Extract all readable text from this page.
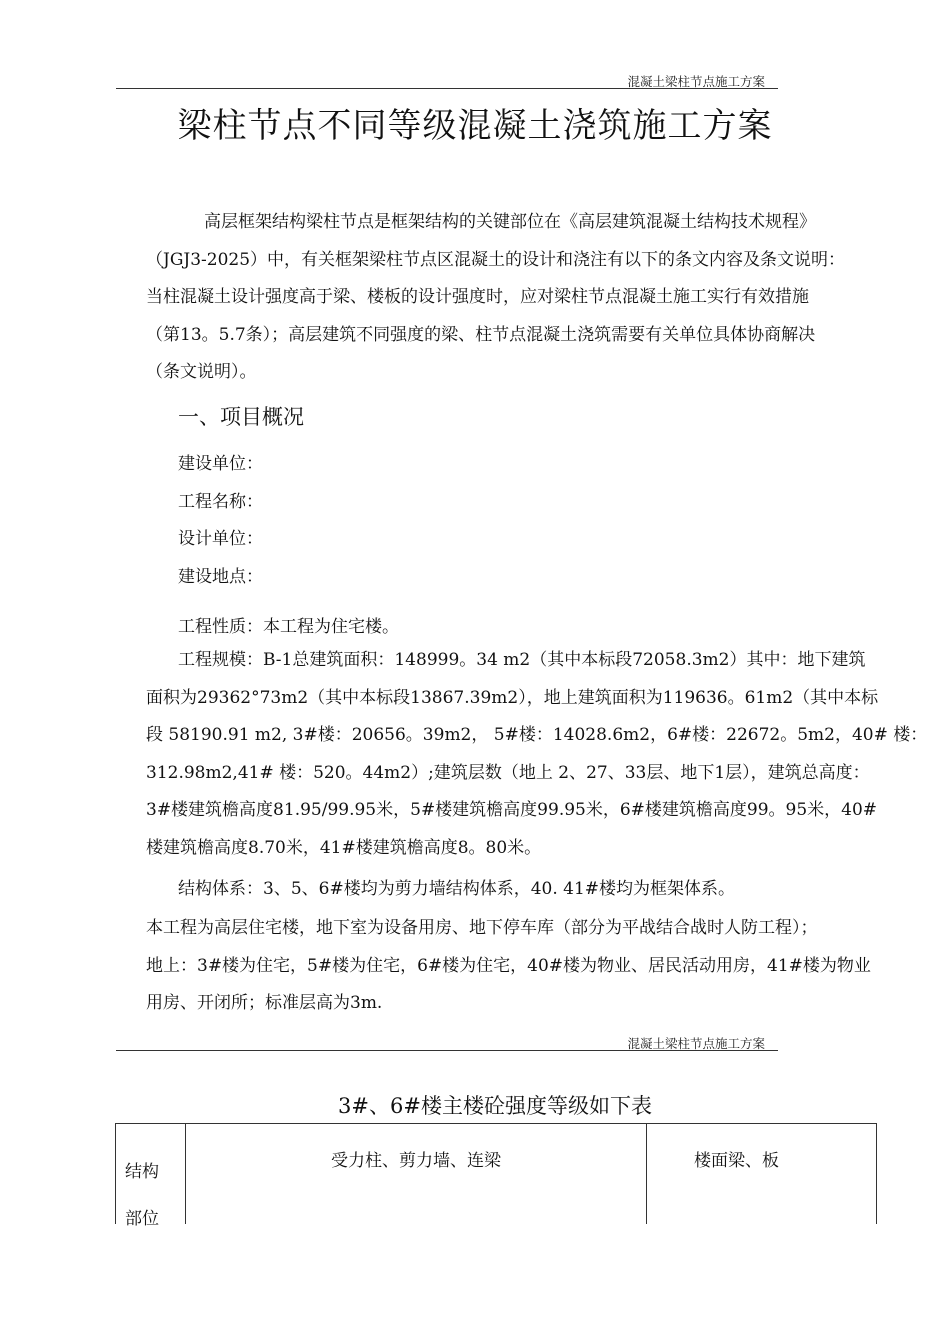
混凝土梁柱节点施工方案
梁柱节点不同等级混凝土浇筑施工方案
高层框架结构梁柱节点是框架结构的关键部位在《高层建筑混凝土结构技术规程》
（JGJ3-2025）中，有关框架梁柱节点区混凝土的设计和浇注有以下的条文内容及条文说明：
当柱混凝土设计强度高于梁、楼板的设计强度时，应对梁柱节点混凝土施工实行有效措施
（第13。5.7条）；高层建筑不同强度的梁、柱节点混凝土浇筑需要有关单位具体协商解决
（条文说明）。
一、项目概况
建设单位：
工程名称：
设计单位：
建设地点：
工程性质：本工程为住宅楼。
工程规模：B-1总建筑面积：148999。34 m2（其中本标段72058.3m2）其中：地下建筑
面积为29362°73m2（其中本标段13867.39m2），地上建筑面积为119636。61m2（其中本标
段 58190.91 m2, 3#楼：20656。39m2， 5#楼：14028.6m2，6#楼：22672。5m2，40# 楼：
312.98m2,41# 楼：520。44m2）;建筑层数（地上 2、27、33层、地下1层），建筑总高度：
3#楼建筑檐高度81.95/99.95米，5#楼建筑檐高度99.95米，6#楼建筑檐高度99。95米，40#
楼建筑檐高度8.70米，41#楼建筑檐高度8。80米。
结构体系：3、5、6#楼均为剪力墙结构体系，40. 41#楼均为框架体系。
本工程为高层住宅楼，地下室为设备用房、地下停车库（部分为平战结合战时人防工程）；
地上：3#楼为住宅，5#楼为住宅，6#楼为住宅，40#楼为物业、居民活动用房，41#楼为物业
用房、开闭所；标准层高为3m.
混凝土梁柱节点施工方案
3#、6#楼主楼砼强度等级如下表
结构
部位
受力柱、剪力墙、连梁	楼面梁、板
